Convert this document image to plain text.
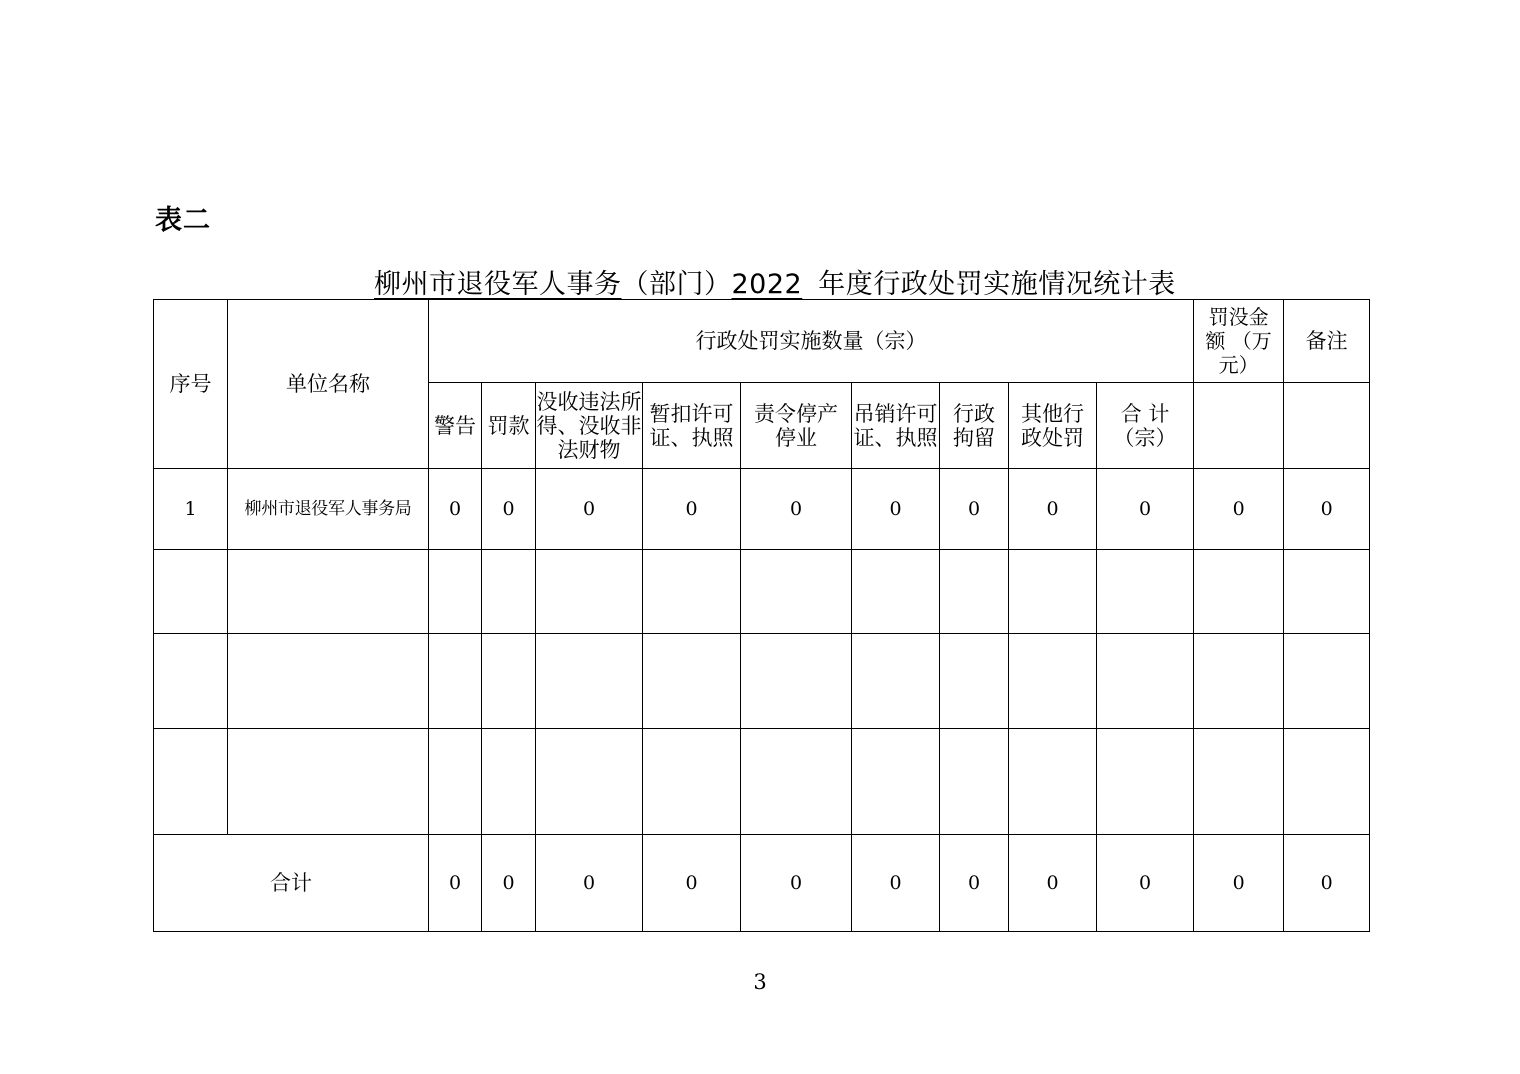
表二
柳州市退役军人事务（部门）2022 年度行政处罚实施情况统计表
序号	单位名称	行政处罚实施数量（宗）									罚没金额 （万元）	备注
		警告	罚款	没收违法所得、没收非法财物	暂扣许可证、执照	责令停产停业	吊销许可证、执照	行政拘留	其他行政处罚	合 计（宗）		
1	柳州市退役军人事务局	0	0	0	0	0	0	0	0	0	0	0

合计		0	0	0	0	0	0	0	0	0	0	0
3
